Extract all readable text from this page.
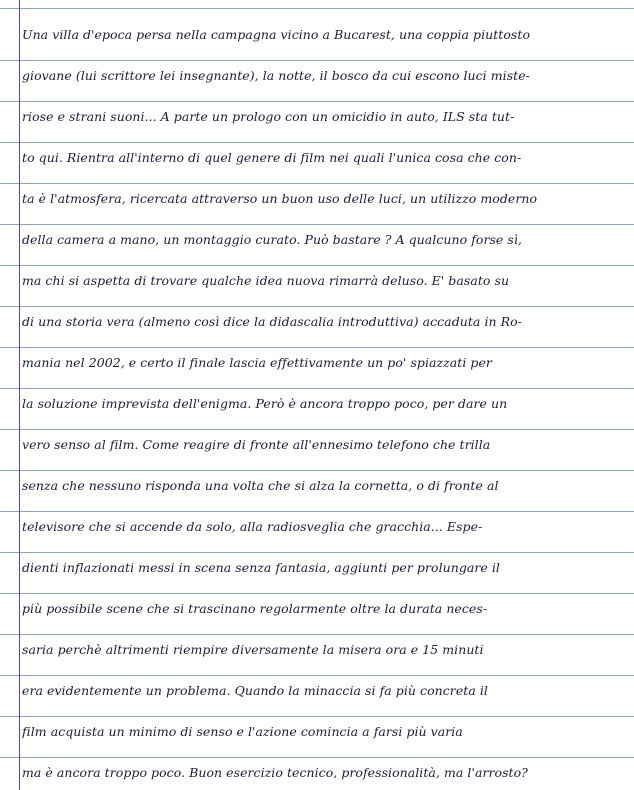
Una villa d'epoca persa nella campagna vicino a Bucarest, una coppia piuttosto
giovane (lui scrittore lei insegnante), la notte, il bosco da cui escono luci miste-
riose e strani suoni... A parte un prologo con un omicidio in auto, ILS sta tut-
to qui. Rientra all'interno di quel genere di film nei quali l'unica cosa che con-
ta è l'atmosfera, ricercata attraverso un buon uso delle luci, un utilizzo moderno
della camera a mano, un montaggio curato. Può bastare ? A qualcuno forse sì,
ma chi si aspetta di trovare qualche idea nuova rimarrà deluso. E' basato su
di una storia vera (almeno così dice la didascalia introduttiva) accaduta in Ro-
mania nel 2002, e certo il finale lascia effettivamente un po' spiazzati per
la soluzione imprevista dell'enigma. Però è ancora troppo poco, per dare un
vero senso al film. Come reagire di fronte all'ennesimo telefono che trilla
senza che nessuno risponda una volta che si alza la cornetta, o di fronte al
televisore che si accende da solo, alla radiosveglia che gracchia... Espe-
dienti inflazionati messi in scena senza fantasia, aggiunti per prolungare il
più possibile scene che si trascinano regolarmente oltre la durata neces-
saria perchè altrimenti riempire diversamente la misera ora e 15 minuti
era evidentemente un problema. Quando la minaccia si fa più concreta il
film acquista un minimo di senso e l'azione comincia a farsi più varia
ma è ancora troppo poco. Buon esercizio tecnico, professionalità, ma l'arrosto?
